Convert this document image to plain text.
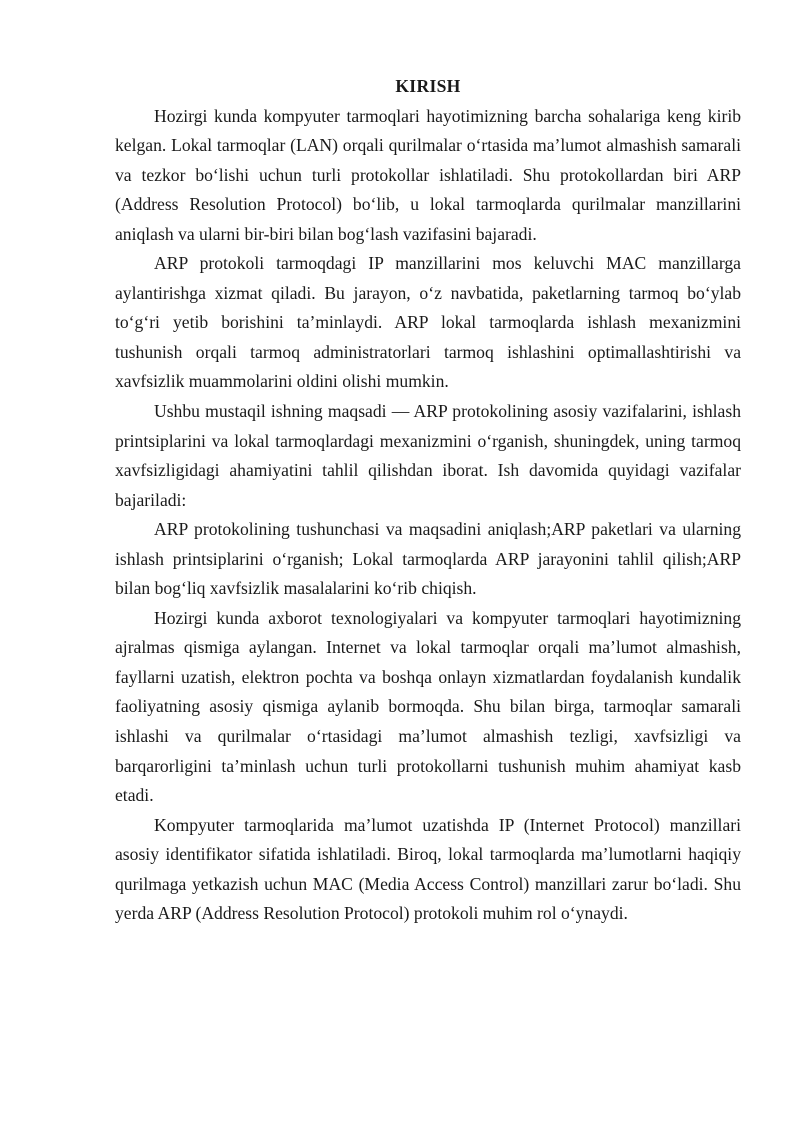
KIRISH

Hozirgi kunda kompyuter tarmoqlari hayotimizning barcha sohalariga keng kirib kelgan. Lokal tarmoqlar (LAN) orqali qurilmalar o‘rtasida ma’lumot almashish samarali va tezkor bo‘lishi uchun turli protokollar ishlatiladi. Shu protokollardan biri ARP (Address Resolution Protocol) bo‘lib, u lokal tarmoqlarda qurilmalar manzillarini aniqlash va ularni bir-biri bilan bog‘lash vazifasini bajaradi.

ARP protokoli tarmoqdagi IP manzillarini mos keluvchi MAC manzillarga aylantirishga xizmat qiladi. Bu jarayon, o‘z navbatida, paketlarning tarmoq bo‘ylab to‘g‘ri yetib borishini ta’minlaydi. ARP lokal tarmoqlarda ishlash mexanizmini tushunish orqali tarmoq administratorlari tarmoq ishlashini optimallashtirishi va xavfsizlik muammolarini oldini olishi mumkin.

Ushbu mustaqil ishning maqsadi — ARP protokolining asosiy vazifalarini, ishlash printsiplarini va lokal tarmoqlardagi mexanizmini o‘rganish, shuningdek, uning tarmoq xavfsizligidagi ahamiyatini tahlil qilishdan iborat. Ish davomida quyidagi vazifalar bajariladi:

ARP protokolining tushunchasi va maqsadini aniqlash;ARP paketlari va ularning ishlash printsiplarini o‘rganish; Lokal tarmoqlarda ARP jarayonini tahlil qilish;ARP bilan bog‘liq xavfsizlik masalalarini ko‘rib chiqish.

Hozirgi kunda axborot texnologiyalari va kompyuter tarmoqlari hayotimizning ajralmas qismiga aylangan. Internet va lokal tarmoqlar orqali ma’lumot almashish, fayllarni uzatish, elektron pochta va boshqa onlayn xizmatlardan foydalanish kundalik faoliyatning asosiy qismiga aylanib bormoqda. Shu bilan birga, tarmoqlar samarali ishlashi va qurilmalar o‘rtasidagi ma’lumot almashish tezligi, xavfsizligi va barqarorligini ta’minlash uchun turli protokollarni tushunish muhim ahamiyat kasb etadi.

Kompyuter tarmoqlarida ma’lumot uzatishda IP (Internet Protocol) manzillari asosiy identifikator sifatida ishlatiladi. Biroq, lokal tarmoqlarda ma’lumotlarni haqiqiy qurilmaga yetkazish uchun MAC (Media Access Control) manzillari zarur bo‘ladi. Shu yerda ARP (Address Resolution Protocol) protokoli muhim rol o‘ynaydi.
